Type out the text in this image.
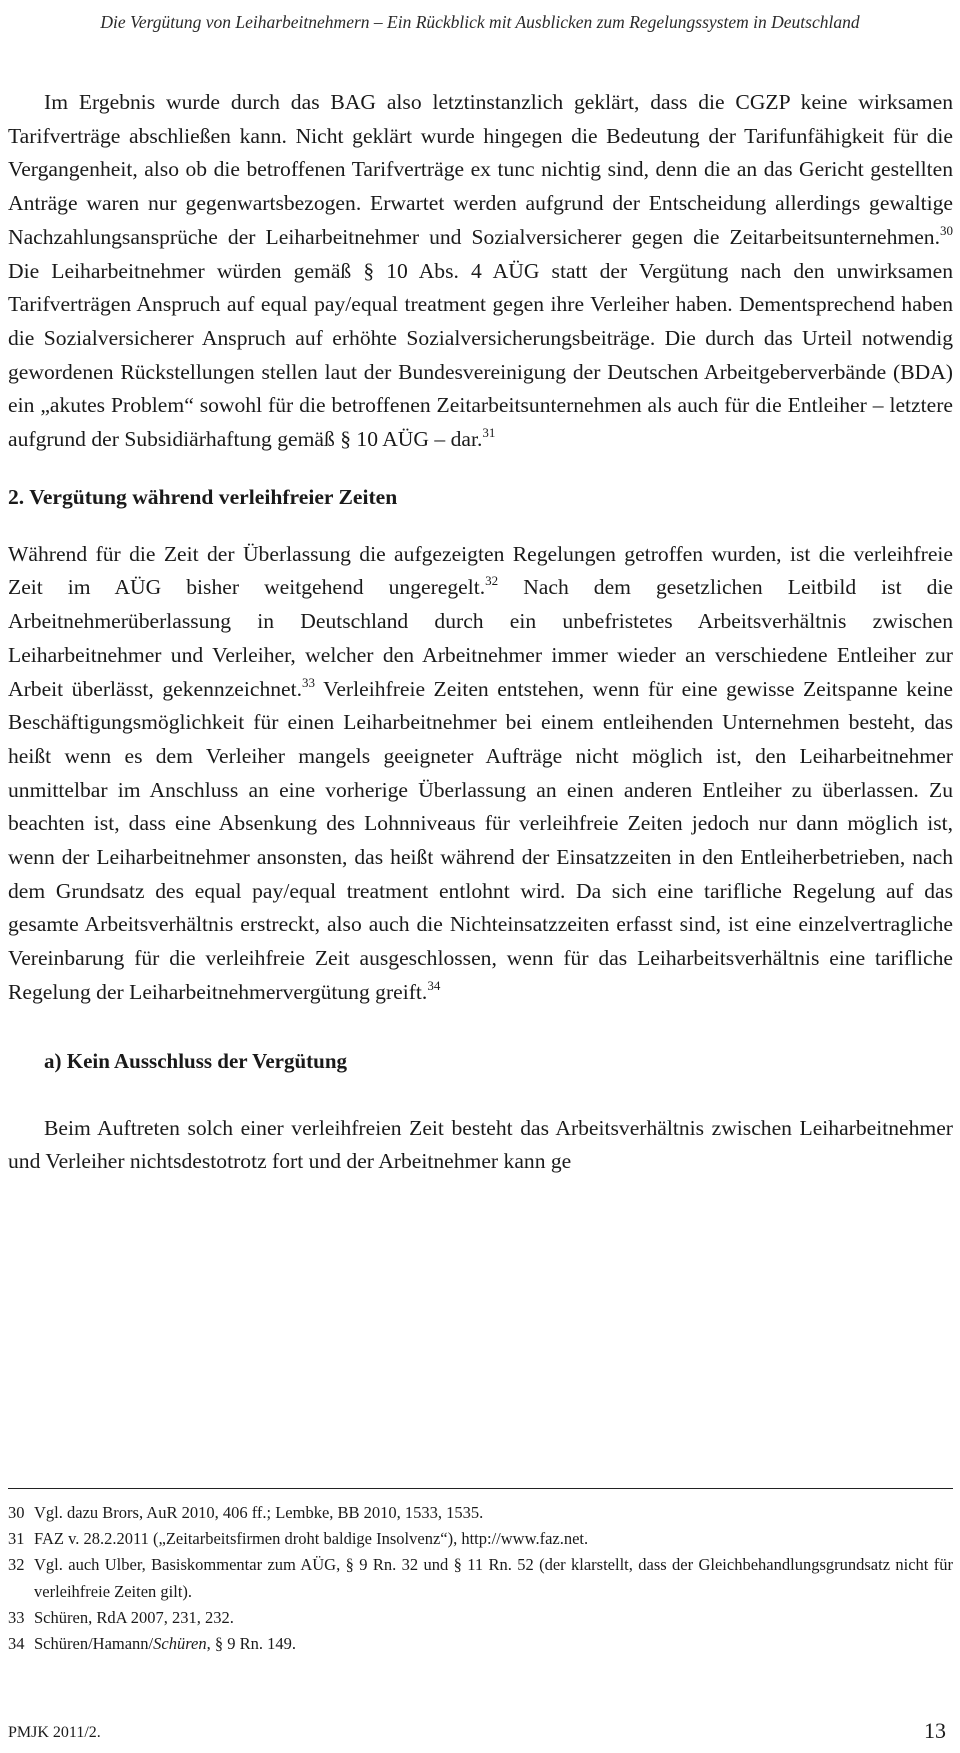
Die Vergütung von Leiharbeitnehmern – Ein Rückblick mit Ausblicken zum Regelungssystem in Deutschland

Im Ergebnis wurde durch das BAG also letztinstanzlich geklärt, dass die CGZP keine wirksamen Tarifverträge abschließen kann. Nicht geklärt wurde hingegen die Bedeutung der Tarifunfähigkeit für die Vergangenheit, also ob die betroffenen Tarifverträge ex tunc nichtig sind, denn die an das Gericht gestellten Anträge waren nur gegenwartsbezogen. Erwartet werden aufgrund der Entscheidung allerdings gewaltige Nachzahlungsansprüche der Leiharbeitnehmer und Sozialversicherer gegen die Zeitarbeitsunternehmen.$^{30}$ Die Leiharbeitnehmer würden gemäß § 10 Abs. 4 AÜG statt der Vergütung nach den unwirksamen Tarifverträgen Anspruch auf equal pay/equal treatment gegen ihre Verleiher haben. Dementsprechend haben die Sozialversicherer Anspruch auf erhöhte Sozialversicherungsbeiträge. Die durch das Urteil notwendig gewordenen Rückstellungen stellen laut der Bundesvereinigung der Deutschen Arbeitgeberverbände (BDA) ein „akutes Problem“ sowohl für die betroffenen Zeitarbeitsunternehmen als auch für die Entleiher – letztere aufgrund der Subsidiärhaftung gemäß § 10 AÜG – dar.$^{31}$

2. Vergütung während verleihfreier Zeiten

Während für die Zeit der Überlassung die aufgezeigten Regelungen getroffen wurden, ist die verleihfreie Zeit im AÜG bisher weitgehend ungeregelt.$^{32}$ Nach dem gesetzlichen Leitbild ist die Arbeitnehmerüberlassung in Deutschland durch ein unbefristetes Arbeitsverhältnis zwischen Leiharbeitnehmer und Verleiher, welcher den Arbeitnehmer immer wieder an verschiedene Entleiher zur Arbeit überlässt, gekennzeichnet.$^{33}$ Verleihfreie Zeiten entstehen, wenn für eine gewisse Zeitspanne keine Beschäftigungsmöglichkeit für einen Leiharbeitnehmer bei einem entleihenden Unternehmen besteht, das heißt wenn es dem Verleiher mangels geeigneter Aufträge nicht möglich ist, den Leiharbeitnehmer unmittelbar im Anschluss an eine vorherige Überlassung an einen anderen Entleiher zu überlassen. Zu beachten ist, dass eine Absenkung des Lohnniveaus für verleihfreie Zeiten jedoch nur dann möglich ist, wenn der Leiharbeitnehmer ansonsten, das heißt während der Einsatzzeiten in den Entleiherbetrieben, nach dem Grundsatz des equal pay/equal treatment entlohnt wird. Da sich eine tarifliche Regelung auf das gesamte Arbeitsverhältnis erstreckt, also auch die Nichteinsatzzeiten erfasst sind, ist eine einzelvertragliche Vereinbarung für die verleihfreie Zeit ausgeschlossen, wenn für das Leiharbeitsverhältnis eine tarifliche Regelung der Leiharbeitnehmervergütung greift.$^{34}$

a) Kein Ausschluss der Vergütung

Beim Auftreten solch einer verleihfreien Zeit besteht das Arbeitsverhältnis zwischen Leiharbeitnehmer und Verleiher nichtsdestotrotz fort und der Arbeitnehmer kann ge

30 Vgl. dazu Brors, AuR 2010, 406 ff.; Lembke, BB 2010, 1533, 1535.
31 FAZ v. 28.2.2011 („Zeitarbeitsfirmen droht baldige Insolvenz“), http://www.faz.net.
32 Vgl. auch Ulber, Basiskommentar zum AÜG, § 9 Rn. 32 und § 11 Rn. 52 (der klarstellt, dass der Gleichbehandlungsgrundsatz nicht für verleihfreie Zeiten gilt).
33 Schüren, RdA 2007, 231, 232.
34 Schüren/Hamann/Schüren, § 9 Rn. 149.
PMJK 2011/2.	13
